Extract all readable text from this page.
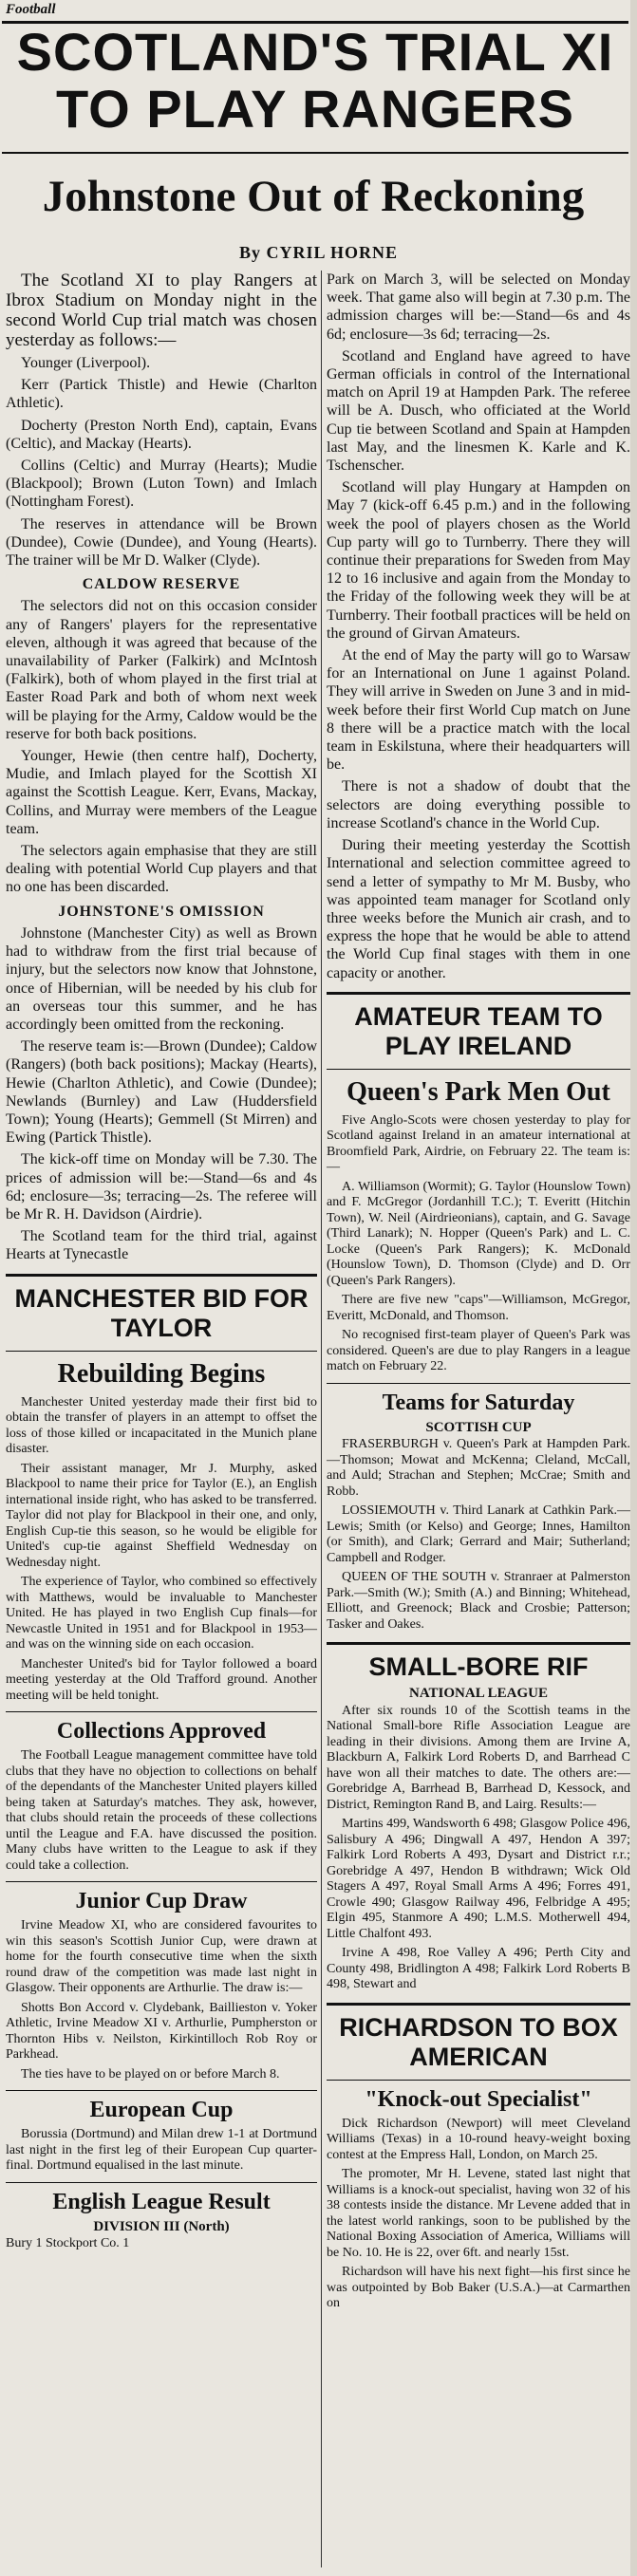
Football
SCOTLAND'S TRIAL XI
TO PLAY RANGERS
Johnstone Out of Reckoning
By CYRIL HORNE

The Scotland XI to play Rangers at Ibrox Stadium on Monday night in the second World Cup trial match was chosen yesterday as follows:—

Younger (Liverpool).

Kerr (Partick Thistle) and Hewie (Charlton Athletic).

Docherty (Preston North End), captain, Evans (Celtic), and Mackay (Hearts).

Collins (Celtic) and Murray (Hearts); Mudie (Blackpool); Brown (Luton Town) and Imlach (Nottingham Forest).

The reserves in attendance will be Brown (Dundee), Cowie (Dundee), and Young (Hearts). The trainer will be Mr D. Walker (Clyde).

CALDOW RESERVE

The selectors did not on this occasion consider any of Rangers' players for the representative eleven, although it was agreed that because of the unavailability of Parker (Falkirk) and McIntosh (Falkirk), both of whom played in the first trial at Easter Road Park and both of whom next week will be playing for the Army, Caldow would be the reserve for both back positions.

Younger, Hewie (then centre half), Docherty, Mudie, and Imlach played for the Scottish XI against the Scottish League. Kerr, Evans, Mackay, Collins, and Murray were members of the League team.

The selectors again emphasise that they are still dealing with potential World Cup players and that no one has been discarded.

JOHNSTONE'S OMISSION

Johnstone (Manchester City) as well as Brown had to withdraw from the first trial because of injury, but the selectors now know that Johnstone, once of Hibernian, will be needed by his club for an overseas tour this summer, and he has accordingly been omitted from the reckoning.

The reserve team is:—Brown (Dundee); Caldow (Rangers) (both back positions); Mackay (Hearts), Hewie (Charlton Athletic), and Cowie (Dundee); Newlands (Burnley) and Law (Huddersfield Town); Young (Hearts); Gemmell (St Mirren) and Ewing (Partick Thistle).

The kick-off time on Monday will be 7.30. The prices of admission will be:—Stand—6s and 4s 6d; enclosure—3s; terracing—2s. The referee will be Mr R. H. Davidson (Airdrie).

The Scotland team for the third trial, against Hearts at Tynecastle

MANCHESTER BID FOR TAYLOR
Rebuilding Begins

Manchester United yesterday made their first bid to obtain the transfer of players in an attempt to offset the loss of those killed or incapacitated in the Munich plane disaster.

Their assistant manager, Mr J. Murphy, asked Blackpool to name their price for Taylor (E.), an English international inside right, who has asked to be transferred. Taylor did not play for Blackpool in their one, and only, English Cup-tie this season, so he would be eligible for United's cup-tie against Sheffield Wednesday on Wednesday night.

The experience of Taylor, who combined so effectively with Matthews, would be invaluable to Manchester United. He has played in two English Cup finals—for Newcastle United in 1951 and for Blackpool in 1953—and was on the winning side on each occasion.

Manchester United's bid for Taylor followed a board meeting yesterday at the Old Trafford ground. Another meeting will be held tonight.

Collections Approved

The Football League management committee have told clubs that they have no objection to collections on behalf of the dependants of the Manchester United players killed being taken at Saturday's matches. They ask, however, that clubs should retain the proceeds of these collections until the League and F.A. have discussed the position. Many clubs have written to the League to ask if they could take a collection.

Junior Cup Draw

Irvine Meadow XI, who are considered favourites to win this season's Scottish Junior Cup, were drawn at home for the fourth consecutive time when the sixth round draw of the competition was made last night in Glasgow. Their opponents are Arthurlie. The draw is:—

Shotts Bon Accord v. Clydebank, Baillieston v. Yoker Athletic, Irvine Meadow XI v. Arthurlie, Pumpherston or Thornton Hibs v. Neilston, Kirkintilloch Rob Roy or Parkhead.

The ties have to be played on or before March 8.

European Cup

Borussia (Dortmund) and Milan drew 1-1 at Dortmund last night in the first leg of their European Cup quarter-final. Dortmund equalised in the last minute.

English League Result

DIVISION III (North)

Bury 1 Stockport Co. 1

Park on March 3, will be selected on Monday week. That game also will begin at 7.30 p.m. The admission charges will be:—Stand—6s and 4s 6d; enclosure—3s 6d; terracing—2s.

Scotland and England have agreed to have German officials in control of the International match on April 19 at Hampden Park. The referee will be A. Dusch, who officiated at the World Cup tie between Scotland and Spain at Hampden last May, and the linesmen K. Karle and K. Tschenscher.

Scotland will play Hungary at Hampden on May 7 (kick-off 6.45 p.m.) and in the following week the pool of players chosen as the World Cup party will go to Turnberry. There they will continue their preparations for Sweden from May 12 to 16 inclusive and again from the Monday to the Friday of the following week they will be at Turnberry. Their football practices will be held on the ground of Girvan Amateurs.

At the end of May the party will go to Warsaw for an International on June 1 against Poland. They will arrive in Sweden on June 3 and in mid-week before their first World Cup match on June 8 there will be a practice match with the local team in Eskilstuna, where their headquarters will be.

There is not a shadow of doubt that the selectors are doing everything possible to increase Scotland's chance in the World Cup.

During their meeting yesterday the Scottish International and selection committee agreed to send a letter of sympathy to Mr M. Busby, who was appointed team manager for Scotland only three weeks before the Munich air crash, and to express the hope that he would be able to attend the World Cup final stages with them in one capacity or another.

AMATEUR TEAM TO PLAY IRELAND
Queen's Park Men Out

Five Anglo-Scots were chosen yesterday to play for Scotland against Ireland in an amateur international at Broomfield Park, Airdrie, on February 22. The team is:—

A. Williamson (Wormit); G. Taylor (Hounslow Town) and F. McGregor (Jordanhill T.C.); T. Everitt (Hitchin Town), W. Neil (Airdrieonians), captain, and G. Savage (Third Lanark); N. Hopper (Queen's Park) and L. C. Locke (Queen's Park Rangers); K. McDonald (Hounslow Town), D. Thomson (Clyde) and D. Orr (Queen's Park Rangers).

There are five new "caps"—Williamson, McGregor, Everitt, McDonald, and Thomson.

No recognised first-team player of Queen's Park was considered. Queen's are due to play Rangers in a league match on February 22.

Teams for Saturday

SCOTTISH CUP

FRASERBURGH v. Queen's Park at Hampden Park.—Thomson; Mowat and McKenna; Cleland, McCall, and Auld; Strachan and Stephen; McCrae; Smith and Robb.

LOSSIEMOUTH v. Third Lanark at Cathkin Park.—Lewis; Smith (or Kelso) and George; Innes, Hamilton (or Smith), and Clark; Gerrard and Mair; Sutherland; Campbell and Rodger.

QUEEN OF THE SOUTH v. Stranraer at Palmerston Park.—Smith (W.); Smith (A.) and Binning; Whitehead, Elliott, and Greenock; Black and Crosbie; Patterson; Tasker and Oakes.

SMALL-BORE RIF

NATIONAL LEAGUE

After six rounds 10 of the Scottish teams in the National Small-bore Rifle Association League are leading in their divisions. Among them are Irvine A, Blackburn A, Falkirk Lord Roberts D, and Barrhead C have won all their matches to date. The others are:—Gorebridge A, Barrhead B, Barrhead D, Kessock, and District, Remington Rand B, and Lairg. Results:—

Martins 499, Wandsworth 6 498; Glasgow Police 496, Salisbury A 496; Dingwall A 497, Hendon A 397; Falkirk Lord Roberts A 493, Dysart and District r.r.; Gorebridge A 497, Hendon B withdrawn; Wick Old Stagers A 497, Royal Small Arms A 496; Forres 491, Crowle 490; Glasgow Railway 496, Felbridge A 495; Elgin 495, Stanmore A 490; L.M.S. Motherwell 494, Little Chalfont 493.

Irvine A 498, Roe Valley A 496; Perth City and County 498, Bridlington A 498; Falkirk Lord Roberts B 498, Stewart and

RICHARDSON TO BOX AMERICAN
"Knock-out Specialist"

Dick Richardson (Newport) will meet Cleveland Williams (Texas) in a 10-round heavy-weight boxing contest at the Empress Hall, London, on March 25.

The promoter, Mr H. Levene, stated last night that Williams is a knock-out specialist, having won 32 of his 38 contests inside the distance. Mr Levene added that in the latest world rankings, soon to be published by the National Boxing Association of America, Williams will be No. 10. He is 22, over 6ft. and nearly 15st.

Richardson will have his next fight—his first since he was outpointed by Bob Baker (U.S.A.)—at Carmarthen on
